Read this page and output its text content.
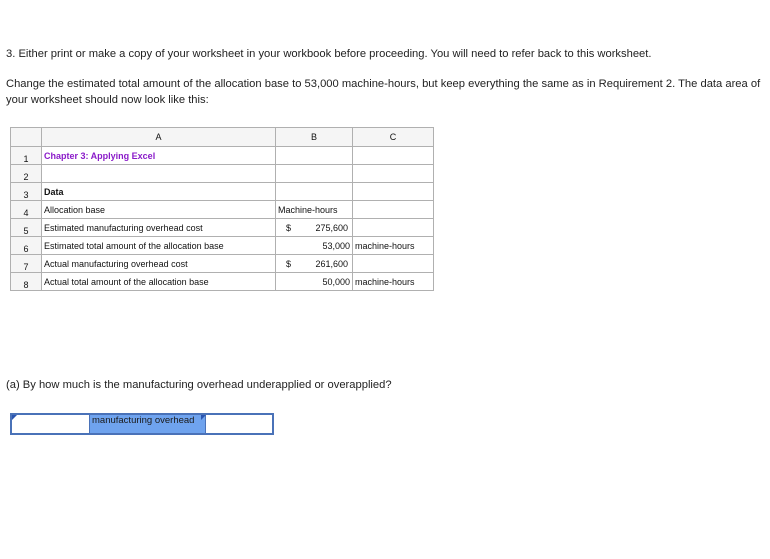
3. Either print or make a copy of your worksheet in your workbook before proceeding. You will need to refer back to this worksheet.
Change the estimated total amount of the allocation base to 53,000 machine-hours, but keep everything the same as in Requirement 2. The data area of your worksheet should now look like this:
	A	B	C
1	Chapter 3: Applying Excel		
2			
3	Data		
4	Allocation base	Machine-hours	
5	Estimated manufacturing overhead cost	$ 275,600	

6	Estimated total amount of the allocation base	53,000	machine-hours
7	Actual manufacturing overhead cost	$ 261,600	

8	Actual total amount of the allocation base	50,000	machine-hours
(a) By how much is the manufacturing overhead underapplied or overapplied?
manufacturing overhead
